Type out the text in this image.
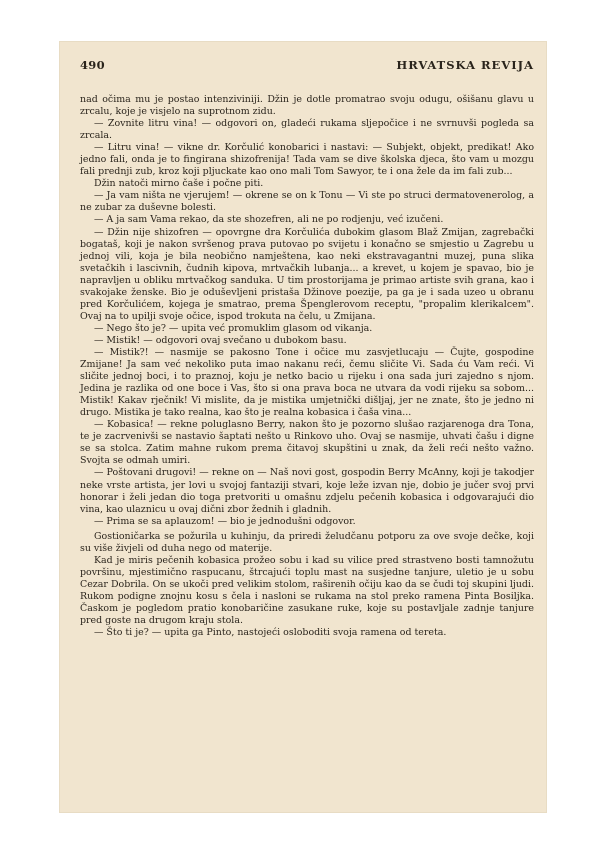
490	HRVATSKA REVIJA

nad očima mu je postao intenziviniji. Džin je dotle promatrao svoju odugu, ošišanu glavu u zrcalu, koje je visjelo na suprotnom zidu.

— Zovnite litru vina! — odgovori on, gladeći rukama sljepočice i ne svrnuvši pogleda sa zrcala.

— Litru vina! — vikne dr. Korčulić konobarici i nastavi: — Subjekt, objekt, predikat! Ako jedno fali, onda je to fingirana shizofrenija! Tada vam se dive školska djeca, što vam u mozgu fali prednji zub, kroz koji pljuckate kao ono mali Tom Sawyor, te i ona žele da im fali zub...

Džin natoči mirno čaše i počne piti.

— Ja vam ništa ne vjerujem! — okrene se on k Tonu — Vi ste po struci dermatovenerolog, a ne zubar za duševne bolesti.

— A ja sam Vama rekao, da ste shozefren, ali ne po rodjenju, već izučeni.

— Džin nije shizofren — opovrgne dra Korčulića dubokim glasom Blaž Zmijan, zagrebački bogataš, koji je nakon svršenog prava putovao po svijetu i konačno se smjestio u Zagrebu u jednoj vili, koja je bila neobično namještena, kao neki ekstravagantni muzej, puna slika svetačkih i lascivnih, čudnih kipova, mrtvačkih lubanja... a krevet, u kojem je spavao, bio je napravljen u obliku mrtvačkog sanduka. U tim prostorijama je primao artiste svih grana, kao i svakojake ženske. Bio je oduševljeni pristaša Džinove poezije, pa ga je i sada uzeo u obranu pred Korčulićem, kojega je smatrao, prema Špenglerovom receptu, "propalim klerikalcem". Ovaj na to upilji svoje očice, ispod trokuta na čelu, u Zmijana.

— Nego što je? — upita već promuklim glasom od vikanja.

— Mistik! — odgovori ovaj svečano u dubokom basu.

— Mistik?! — nasmije se pakosno Tone i očice mu zasvjetlucaju — Čujte, gospodine Zmijane! Ja sam već nekoliko puta imao nakanu reći, čemu sličite Vi. Sada ću Vam reći. Vi sličite jednoj boci, i to praznoj, koju je netko bacio u rijeku i ona sada juri zajedno s njom. Jedina je razlika od one boce i Vas, što si ona prava boca ne utvara da vodi rijeku sa sobom... Mistik! Kakav rječnik! Vi mislite, da je mistika umjetnički dišljaj, jer ne znate, što je jedno ni drugo. Mistika je tako realna, kao što je realna kobasica i čaša vina...

— Kobasica! — rekne poluglasno Berry, nakon što je pozorno slušao razjarenoga dra Tona, te je zacrvenivši se nastavio šaptati nešto u Rinkovo uho. Ovaj se nasmije, uhvati čašu i digne se sa stolca. Zatim mahne rukom prema čitavoj skupštini u znak, da želi reći nešto važno. Svojta se odmah umiri.

— Poštovani drugovi! — rekne on — Naš novi gost, gospodin Berry McAnny, koji je takodjer neke vrste artista, jer lovi u svojoj fantaziji stvari, koje leže izvan nje, dobio je jučer svoj prvi honorar i želi jedan dio toga pretvoriti u omašnu zdjelu pečenih kobasica i odgovarajući dio vina, kao ulaznicu u ovaj dični zbor žednih i gladnih.

— Prima se sa aplauzom! — bio je jednodušni odgovor.

Gostioničarka se požurila u kuhinju, da priredi želudčanu potporu za ove svoje dečke, koji su više živjeli od duha nego od materije.

Kad je miris pečenih kobasica prožeo sobu i kad su vilice pred strastveno bosti tamnožutu površinu, mjestimično raspucanu, štrcajući toplu mast na susjedne tanjure, uletio je u sobu Cezar Dobrila. On se ukoči pred velikim stolom, raširenih očiju kao da se čudi toj skupini ljudi. Rukom podigne znojnu kosu s čela i nasloni se rukama na stol preko ramena Pinta Bosiljka. Časkom je pogledom pratio konobaričine zasukane ruke, koje su postavljale zadnje tanjure pred goste na drugom kraju stola.

— Što ti je? — upita ga Pinto, nastojeći osloboditi svoja ramena od tereta.
